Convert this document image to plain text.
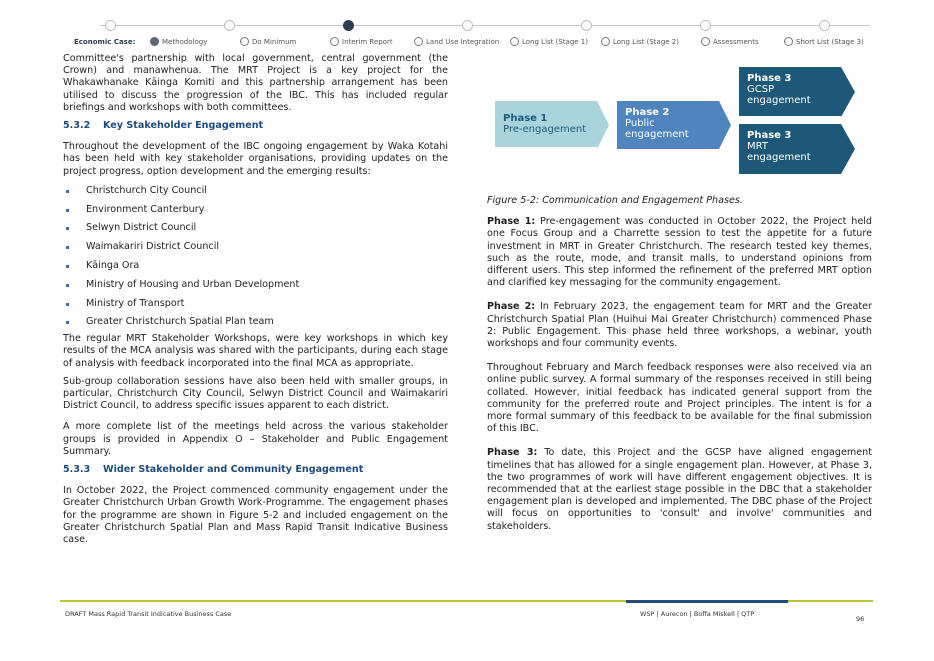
Economic Case:	Methodology	Do Minimum	Interim Report	Land Use Integration	Long List (Stage 1)	Long List (Stage 2)	Assessments	Short List (Stage 3)

Committee's partnership with local government, central government (the Crown) and manawhenua. The MRT Project is a key project for the Whakawhanake Kāinga Komiti and this partnership arrangement has been utilised to discuss the progression of the IBC. This has included regular briefings and workshops with both committees.

5.3.2	Key Stakeholder Engagement

Throughout the development of the IBC ongoing engagement by Waka Kotahi has been held with key stakeholder organisations, providing updates on the project progress, option development and the emerging results:

Christchurch City Council
Environment Canterbury
Selwyn District Council
Waimakariri District Council
Kāinga Ora
Ministry of Housing and Urban Development
Ministry of Transport
Greater Christchurch Spatial Plan team

The regular MRT Stakeholder Workshops, were key workshops in which key results of the MCA analysis was shared with the participants, during each stage of analysis with feedback incorporated into the final MCA as appropriate.

Sub-group collaboration sessions have also been held with smaller groups, in particular, Christchurch City Council, Selwyn District Council and Waimakariri District Council, to address specific issues apparent to each district.

A more complete list of the meetings held across the various stakeholder groups is provided in Appendix O – Stakeholder and Public Engagement Summary.

5.3.3	Wider Stakeholder and Community Engagement

In October 2022, the Project commenced community engagement under the Greater Christchurch Urban Growth Work-Programme. The engagement phases for the programme are shown in Figure 5-2 and included engagement on the Greater Christchurch Spatial Plan and Mass Rapid Transit Indicative Business case.

Phase 1
Pre-engagement
Phase 2
Public engagement
Phase 3
GCSP engagement
Phase 3
MRT engagement

Figure 5-2: Communication and Engagement Phases.

Phase 1: Pre-engagement was conducted in October 2022, the Project held one Focus Group and a Charrette session to test the appetite for a future investment in MRT in Greater Christchurch. The research tested key themes, such as the route, mode, and transit malls, to understand opinions from different users. This step informed the refinement of the preferred MRT option and clarified key messaging for the community engagement.

Phase 2: In February 2023, the engagement team for MRT and the Greater Christchurch Spatial Plan (Huihui Mai Greater Christchurch) commenced Phase 2: Public Engagement. This phase held three workshops, a webinar, youth workshops and four community events.

Throughout February and March feedback responses were also received via an online public survey. A formal summary of the responses received in still being collated. However, initial feedback has indicated general support from the community for the preferred route and Project principles. The intent is for a more formal summary of this feedback to be available for the final submission of this IBC.

Phase 3: To date, this Project and the GCSP have aligned engagement timelines that has allowed for a single engagement plan. However, at Phase 3, the two programmes of work will have different engagement objectives. It is recommended that at the earliest stage possible in the DBC that a stakeholder engagement plan is developed and implemented. The DBC phase of the Project will focus on opportunities to 'consult' and involve' communities and stakeholders.

DRAFT Mass Rapid Transit Indicative Business Case	WSP | Aurecon | Boffa Miskell | QTP
96
